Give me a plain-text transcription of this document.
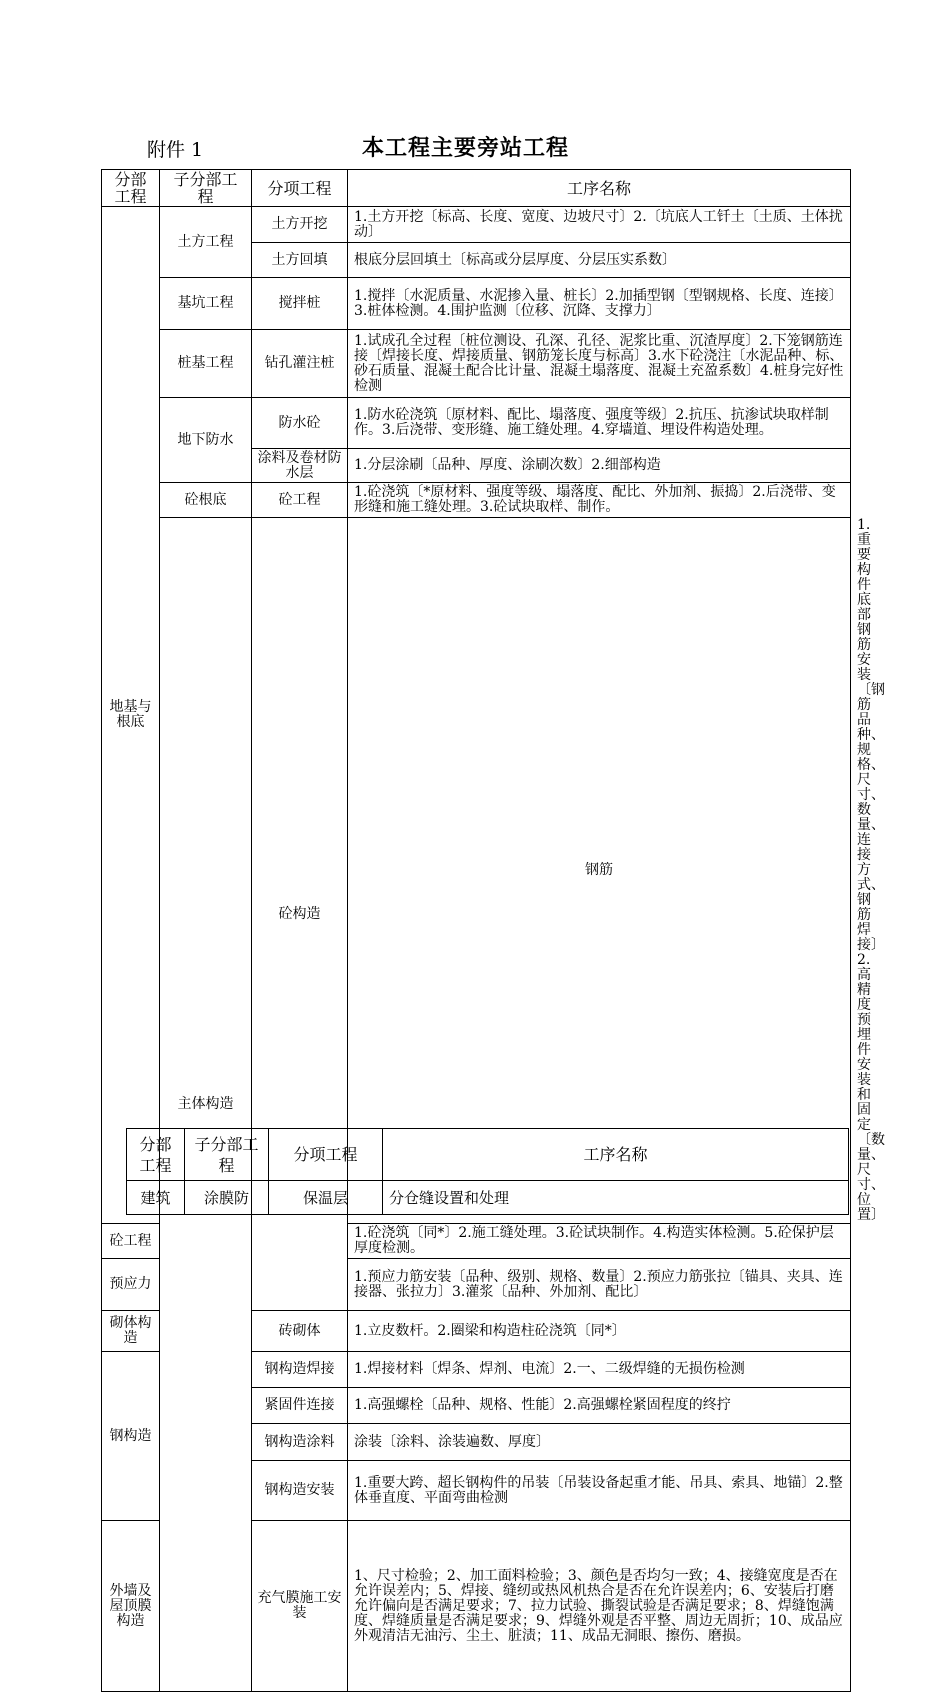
附件 1	本工程主要旁站工程
分部工程	子分部工程	分项工程	工序名称	
地基与根底	土方工程	土方开挖	1.土方开挖〔标高、长度、宽度、边坡尺寸〕2.〔坑底人工钎土〔土质、土体扰动〕	
		土方回填	根底分层回填土〔标高或分层厚度、分层压实系数〕	
	基坑工程	搅拌桩	1.搅拌〔水泥质量、水泥掺入量、桩长〕2.加插型钢〔型钢规格、长度、连接〕3.桩体检测。4.围护监测〔位移、沉降、支撑力〕	
	桩基工程	钻孔灌注桩	1.试成孔全过程〔桩位测设、孔深、孔径、泥浆比重、沉渣厚度〕2.下笼钢筋连接〔焊接长度、焊接质量、钢筋笼长度与标高〕3.水下砼浇注〔水泥品种、标、砂石质量、混凝土配合比计量、混凝土塌落度、混凝土充盈系数〕4.桩身完好性检测	
	地下防水	防水砼	1.防水砼浇筑〔原材料、配比、塌落度、强度等级〕2.抗压、抗渗试块取样制作。3.后浇带、变形缝、施工缝处理。4.穿墙道、埋设件构造处理。	
		涂料及卷材防水层	1.分层涂刷〔品种、厚度、涂刷次数〕2.细部构造	
	砼根底	砼工程	1.砼浇筑〔*原材料、强度等级、塌落度、配比、外加剂、振捣〕2.后浇带、变形缝和施工缝处理。3.砼试块取样、制作。	
	主体构造	砼构造	钢筋	1.重要构件底部钢筋安装〔钢筋品种、规格、尺寸、数量、连接方式、钢筋焊接〕2.高精度预埋件安装和固定〔数量、尺寸、位置〕
砼工程			1.砼浇筑〔同*〕2.施工缝处理。3.砼试块制作。4.构造实体检测。5.砼保护层厚度检测。	
预应力			1.预应力筋安装〔品种、级别、规格、数量〕2.预应力筋张拉〔锚具、夹具、连接器、张拉力〕3.灌浆〔品种、外加剂、配比〕	
砌体构造		砖砌体	1.立皮数杆。2.圈梁和构造柱砼浇筑〔同*〕	
钢构造		钢构造焊接	1.焊接材料〔焊条、焊剂、电流〕2.一、二级焊缝的无损伤检测	
		紧固件连接	1.高强螺栓〔品种、规格、性能〕2.高强螺栓紧固程度的终拧	
		钢构造涂料	涂装〔涂料、涂装遍数、厚度〕	
		钢构造安装	1.重要大跨、超长钢构件的吊装〔吊装设备起重才能、吊具、索具、地锚〕2.整体垂直度、平面弯曲检测	
外墙及屋顶膜构造		充气膜施工安装	1、尺寸检验；2、加工面料检验；3、颜色是否均匀一致；4、接缝宽度是否在允许误差内；5、焊接、缝纫或热风机热合是否在允许误差内；6、安装后打磨允许偏向是否满足要求；7、拉力试验、撕裂试验是否满足要求；8、焊缝饱满度、焊缝质量是否满足要求；9、焊缝外观是否平整、周边无周折；10、成品应外观清洁无油污、尘土、脏渍；11、成品无洞眼、擦伤、磨损。	
分部工程	子分部工程	分项工程	工序名称
建筑	涂膜防	保温层	分仓缝设置和处理
